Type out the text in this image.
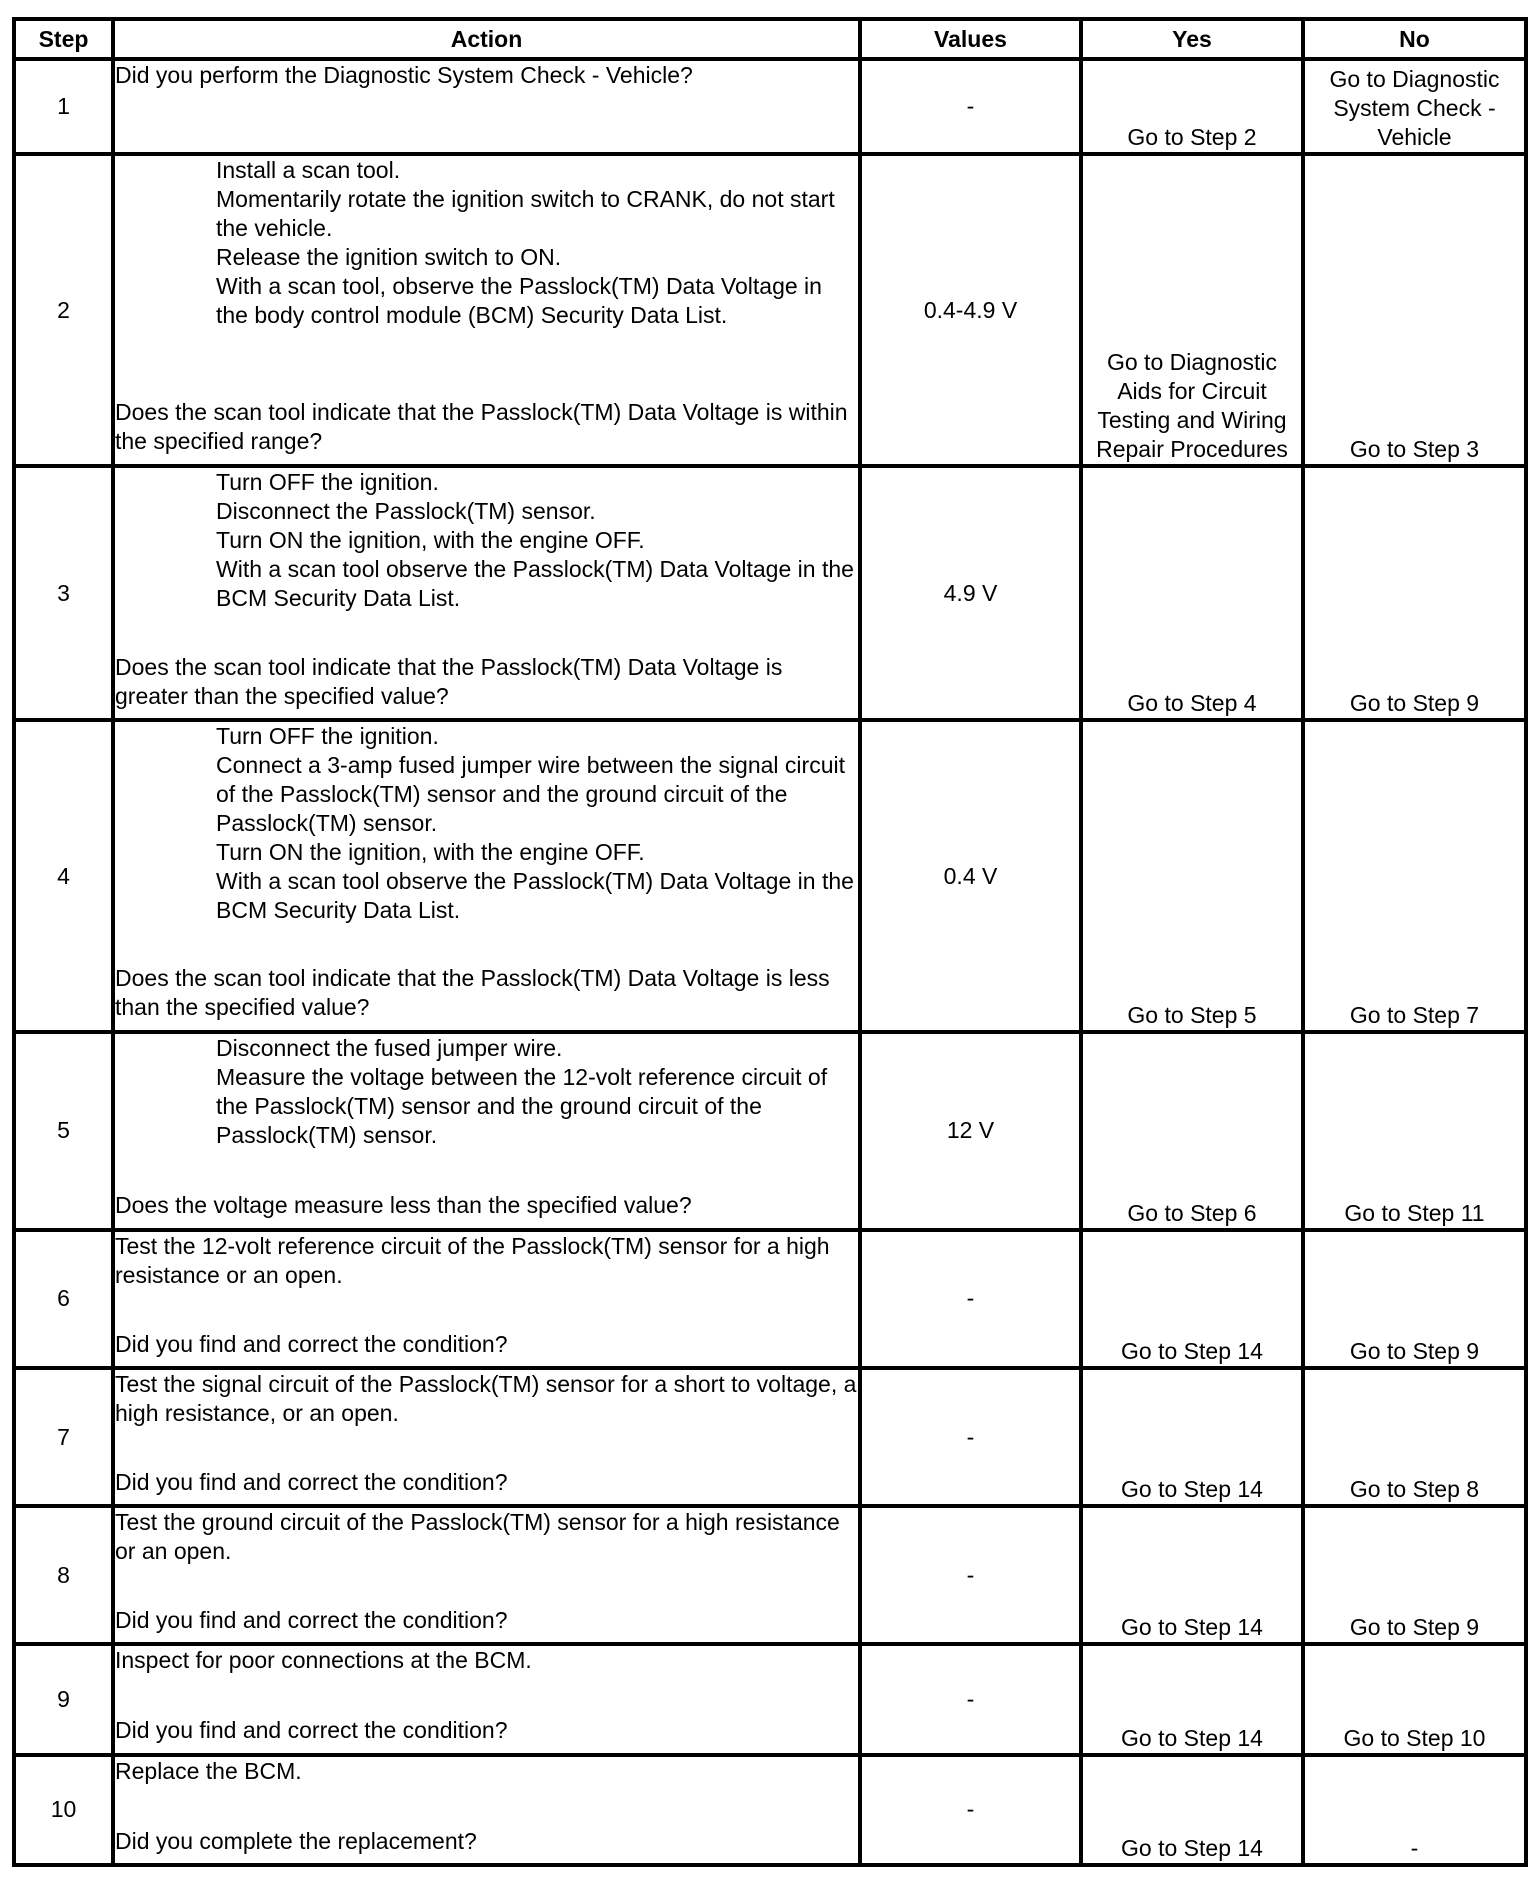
Step	Action	Values	Yes	No
1	Did you perform the Diagnostic System Check - Vehicle?	-	Go to Step 2	Go to Diagnostic System Check - Vehicle
2	Install a scan tool.
Momentarily rotate the ignition switch to CRANK, do not start the vehicle.
Release the ignition switch to ON.
With a scan tool, observe the Passlock(TM) Data Voltage in the body control module (BCM) Security Data List.
Does the scan tool indicate that the Passlock(TM) Data Voltage is within the specified range?	0.4-4.9 V	Go to Diagnostic Aids for Circuit Testing and Wiring Repair Procedures	Go to Step 3
3	Turn OFF the ignition.
Disconnect the Passlock(TM) sensor.
Turn ON the ignition, with the engine OFF.
With a scan tool observe the Passlock(TM) Data Voltage in the BCM Security Data List.
Does the scan tool indicate that the Passlock(TM) Data Voltage is greater than the specified value?	4.9 V	Go to Step 4	Go to Step 9
4	Turn OFF the ignition.
Connect a 3-amp fused jumper wire between the signal circuit of the Passlock(TM) sensor and the ground circuit of the Passlock(TM) sensor.
Turn ON the ignition, with the engine OFF.
With a scan tool observe the Passlock(TM) Data Voltage in the BCM Security Data List.
Does the scan tool indicate that the Passlock(TM) Data Voltage is less than the specified value?	0.4 V	Go to Step 5	Go to Step 7
5	Disconnect the fused jumper wire.
Measure the voltage between the 12-volt reference circuit of the Passlock(TM) sensor and the ground circuit of the Passlock(TM) sensor.
Does the voltage measure less than the specified value?	12 V	Go to Step 6	Go to Step 11
6	Test the 12-volt reference circuit of the Passlock(TM) sensor for a high resistance or an open.
Did you find and correct the condition?	-	Go to Step 14	Go to Step 9
7	Test the signal circuit of the Passlock(TM) sensor for a short to voltage, a high resistance, or an open.
Did you find and correct the condition?	-	Go to Step 14	Go to Step 8
8	Test the ground circuit of the Passlock(TM) sensor for a high resistance or an open.
Did you find and correct the condition?	-	Go to Step 14	Go to Step 9
9	Inspect for poor connections at the BCM.
Did you find and correct the condition?	-	Go to Step 14	Go to Step 10
10	Replace the BCM.
Did you complete the replacement?	-	Go to Step 14	-
